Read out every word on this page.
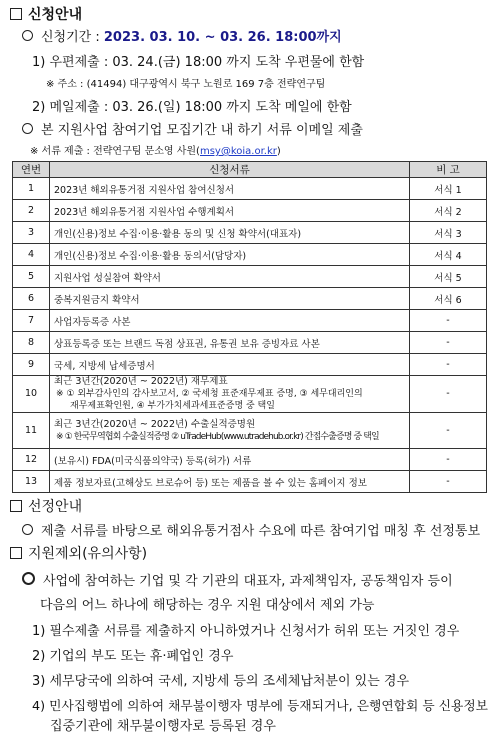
신청안내
신청기간 : 2023. 03. 10. ~ 03. 26. 18:00까지
1) 우편제출 : 03. 24.(금) 18:00 까지 도착 우편물에 한함
※ 주소 : (41494) 대구광역시 북구 노원로 169 7층 전략연구팀
2) 메일제출 : 03. 26.(일) 18:00 까지 도착 메일에 한함
본 지원사업 참여기업 모집기간 내 하기 서류 이메일 제출
※ 서류 제출 : 전략연구팀 문소영 사원(msy@koia.or.kr)
연번	신청서류	비 고
1	2023년 해외유통거점 지원사업 참여신청서	서식 1
2	2023년 해외유통거점 지원사업 수행계획서	서식 2
3	개인(신용)정보 수집·이용·활용 동의 및 신청 확약서(대표자)	서식 3
4	개인(신용)정보 수집·이용·활용 동의서(담당자)	서식 4
5	지원사업 성실참여 확약서	서식 5
6	중복지원금지 확약서	서식 6
7	사업자등록증 사본	-
8	상표등록증 또는 브랜드 독점 상표권, 유통권 보유 증빙자료 사본	-
9	국세, 지방세 납세증명서	-
10	최근 3년간(2020년 ~ 2022년) 재무제표
※ ① 외부감사인의 감사보고서, ② 국세청 표준재무제표 증명, ③ 세무대리인의
재무제표확인원, ④ 부가가치세과세표준증명 중 택일	-
11	최근 3년간(2020년 ~ 2022년) 수출실적증명원
※ ① 한국무역협회 수출실적증명 ② uTradeHub(www.utradehub.or.kr) 간접수출증명 중 택일	-
12	(보유시) FDA(미국식품의약국) 등록(허가) 서류	-
13	제품 정보자료(고해상도 브로슈어 등) 또는 제품을 볼 수 있는 홈페이지 정보	-
선정안내
제출 서류를 바탕으로 해외유통거점사 수요에 따른 참여기업 매칭 후 선정통보
지원제외(유의사항)
사업에 참여하는 기업 및 각 기관의 대표자, 과제책임자, 공동책임자 등이
다음의 어느 하나에 해당하는 경우 지원 대상에서 제외 가능
1) 필수제출 서류를 제출하지 아니하였거나 신청서가 허위 또는 거짓인 경우
2) 기업의 부도 또는 휴·폐업인 경우
3) 세무당국에 의하여 국세, 지방세 등의 조세체납처분이 있는 경우
4) 민사집행법에 의하여 채무불이행자 명부에 등재되거나, 은행연합회 등 신용정보
집중기관에 채무불이행자로 등록된 경우
